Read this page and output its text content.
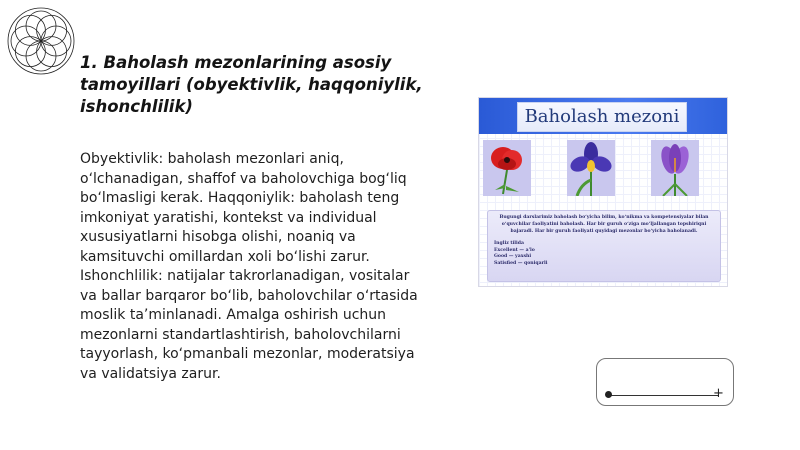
1. Baholash mezonlarining asosiy tamoyillari (obyektivlik, haqqoniylik, ishonchlilik)
Obyektivlik: baholash mezonlari aniq, o‘lchanadigan, shaffof va baholovchiga bog‘liq bo‘lmasligi kerak. Haqqoniylik: baholash teng imkoniyat yaratishi, kontekst va individual xususiyatlarni hisobga olishi, noaniq va kamsituvchi omillardan xoli bo‘lishi zarur. Ishonchlilik: natijalar takrorlanadigan, vositalar va ballar barqaror bo‘lib, baholovchilar o‘rtasida moslik ta’minlanadi. Amalga oshirish uchun mezonlarni standartlashtirish, baholovchilarni tayyorlash, ko‘pmanbali mezonlar, moderatsiya va validatsiya zarur.
Baholash mezoni
Bugungi darslarimiz baholash bo‘yicha bilim, ko‘nikma va kompetensiyalar bilan o‘quvchilar faoliyatini baholash. Har bir guruh o‘ziga mo‘ljallangan topshiriqni bajaradi. Har bir guruh faoliyati quyidagi mezonlar bo‘yicha baholanadi.
Ingliz tilida
Excellent — a'lo
Good — yaxshi
Satisfied — qoniqarli
+
